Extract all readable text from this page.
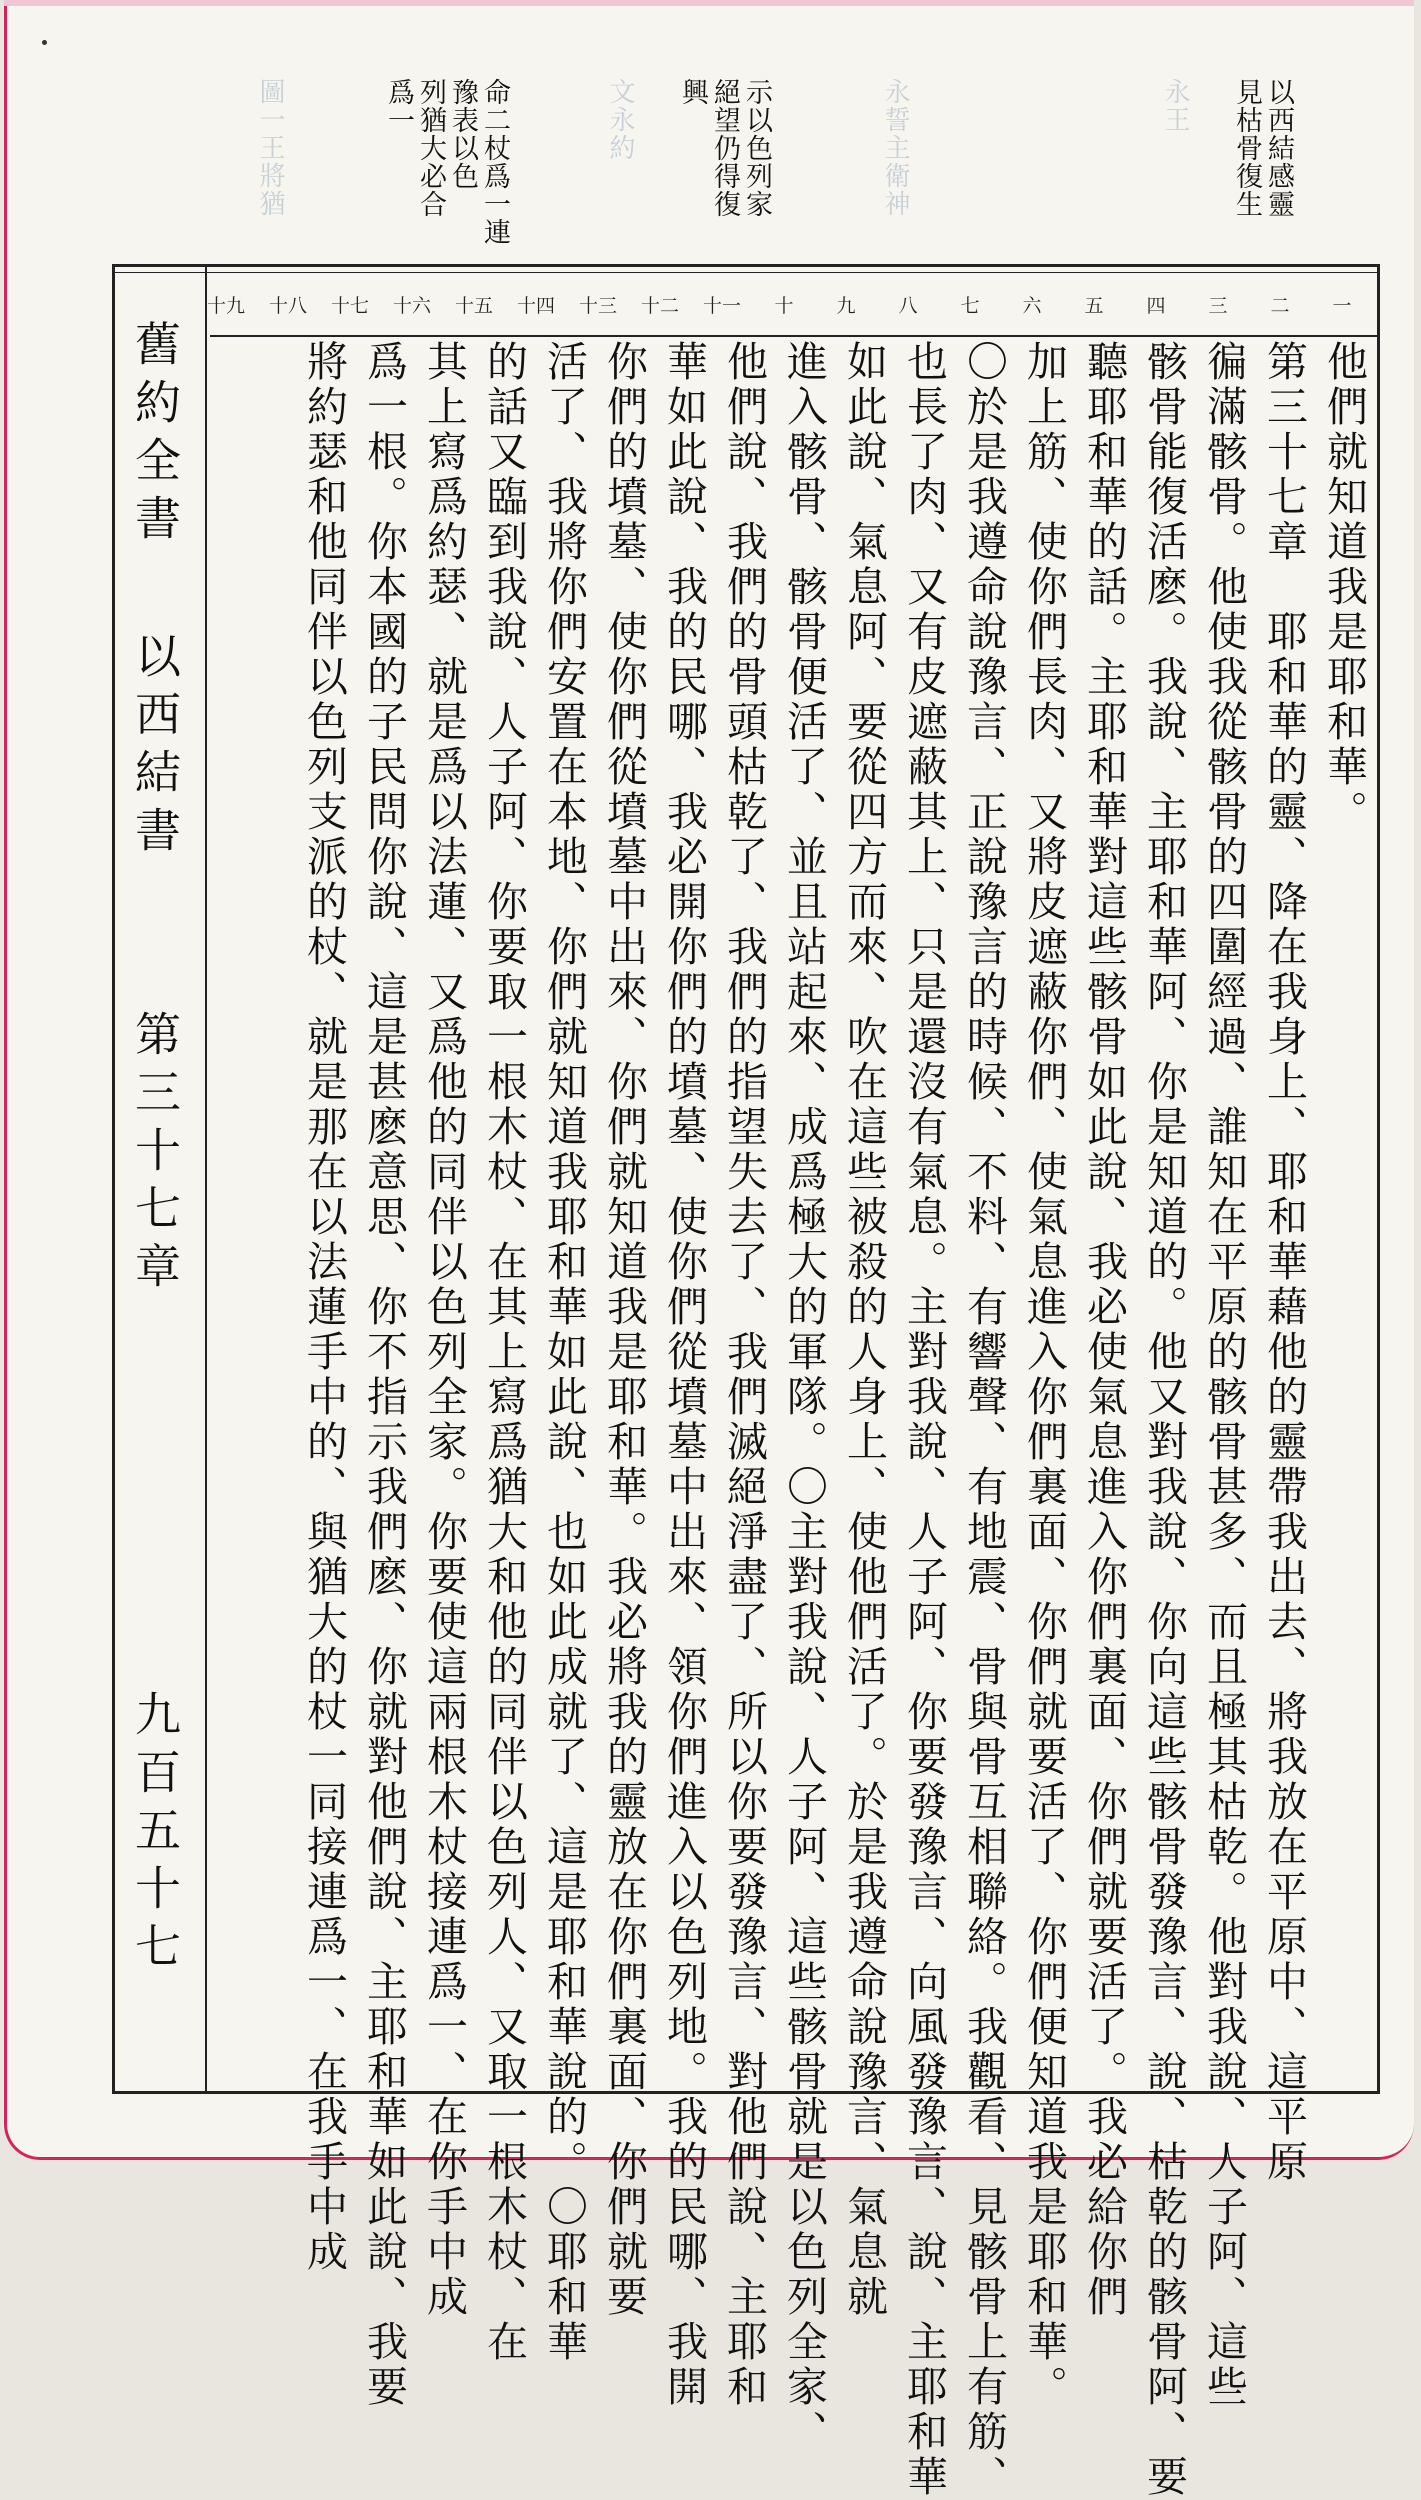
圖一王將猶	文永約	永誓主衛神	永王	以西結感靈
見枯骨復生
示以色列家
絕望仍得復
興
命二杖爲一連
豫表以色
列猶大必合
爲一
一
二
三
四
五
六
七
八
九
十
十一
十二
十三
十四
十五
十六
十七
十八
十九
舊約全書
以西結書
第三十七章
九百五十七
他們就知道我是耶和華。
第三十七章　耶和華的靈、降在我身上、耶和華藉他的靈帶我出去、將我放在平原中、這平原
徧滿骸骨。他使我從骸骨的四圍經過、誰知在平原的骸骨甚多、而且極其枯乾。他對我說、人子阿、這些
骸骨能復活麽。我說、主耶和華阿、你是知道的。他又對我說、你向這些骸骨發豫言、說、枯乾的骸骨阿、要
聽耶和華的話。主耶和華對這些骸骨如此說、我必使氣息進入你們裏面、你們就要活了。我必給你們
加上筋、使你們長肉、又將皮遮蔽你們、使氣息進入你們裏面、你們就要活了、你們便知道我是耶和華。
〇於是我遵命說豫言、正說豫言的時候、不料、有響聲、有地震、骨與骨互相聯絡。我觀看、見骸骨上有筋、
也長了肉、又有皮遮蔽其上、只是還沒有氣息。主對我說、人子阿、你要發豫言、向風發豫言、說、主耶和華
如此說、氣息阿、要從四方而來、吹在這些被殺的人身上、使他們活了。於是我遵命說豫言、氣息就
進入骸骨、骸骨便活了、並且站起來、成爲極大的軍隊。〇主對我說、人子阿、這些骸骨就是以色列全家、
他們說、我們的骨頭枯乾了、我們的指望失去了、我們滅絕淨盡了、所以你要發豫言、對他們說、主耶和
華如此說、我的民哪、我必開你們的墳墓、使你們從墳墓中出來、領你們進入以色列地。我的民哪、我開
你們的墳墓、使你們從墳墓中出來、你們就知道我是耶和華。我必將我的靈放在你們裏面、你們就要
活了、我將你們安置在本地、你們就知道我耶和華如此說、也如此成就了、這是耶和華說的。〇耶和華
的話又臨到我說、人子阿、你要取一根木杖、在其上寫爲猶大和他的同伴以色列人、又取一根木杖、在
其上寫爲約瑟、就是爲以法蓮、又爲他的同伴以色列全家。你要使這兩根木杖接連爲一、在你手中成
爲一根。你本國的子民問你說、這是甚麽意思、你不指示我們麽、你就對他們說、主耶和華如此說、我要
將約瑟和他同伴以色列支派的杖、就是那在以法蓮手中的、與猶大的杖一同接連爲一、在我手中成
